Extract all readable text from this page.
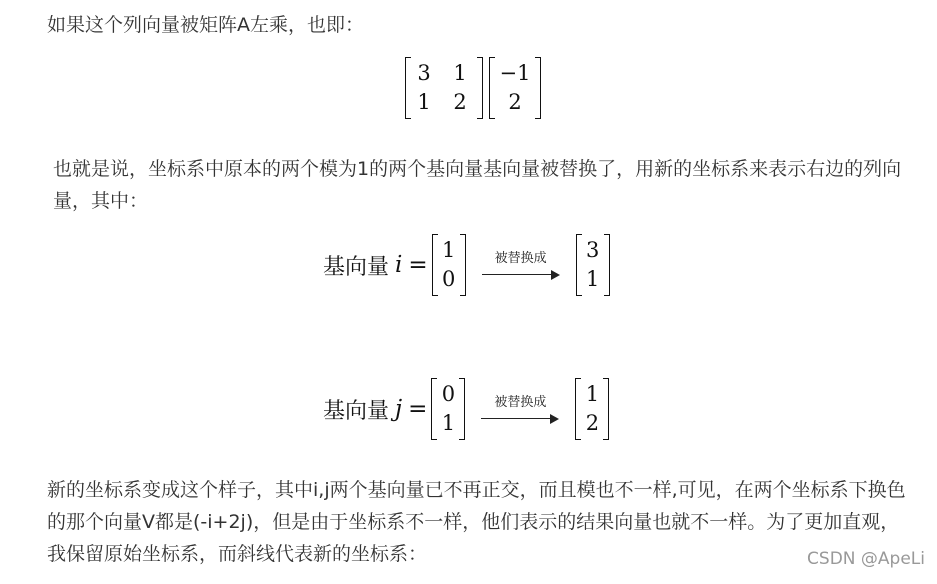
如果这个列向量被矩阵A左乘，也即：

3	1
1	2
−1
2

也就是说，坐标系中原本的两个模为1的两个基向量基向量被替换了，用新的坐标系来表示右边的列向量，其中：

基向量 i =
1
0
被替换成 3
1
基向量 j =
0
1
被替换成 1
2

新的坐标系变成这个样子，其中i,j两个基向量已不再正交，而且模也不一样,可见，在两个坐标系下换色的那个向量V都是(-i+2j)，但是由于坐标系不一样，他们表示的结果向量也就不一样。为了更加直观，我保留原始坐标系，而斜线代表新的坐标系：	CSDN @ApeLi
